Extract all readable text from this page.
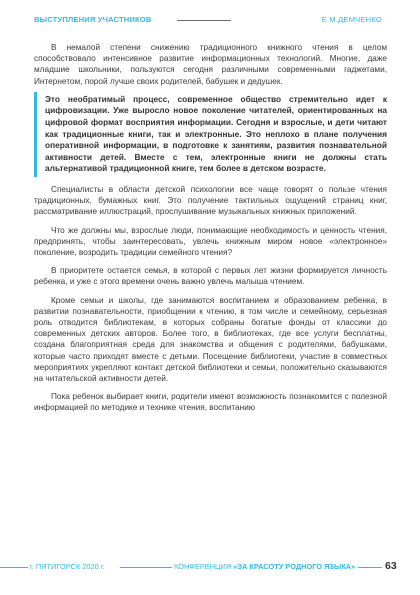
ВЫСТУПЛЕНИЯ УЧАСТНИКОВ	Е.М.ДЕМЧЕНКО

В немалой степени снижению традиционного книжного чтения в целом способствовало интенсивное развитие информационных технологий. Многие, даже младшие школьники, пользуются сегодня различными современными гаджетами, Интернетом, порой лучше своих родителей, бабушек и дедушек.

Это необратимый процесс, современное общество стремительно идет к цифровизации. Уже выросло новое поколение читателей, ориентированных на цифровой формат восприятия информации. Сегодня и взрослые, и дети читают как традиционные книги, так и электронные. Это неплохо в плане получения оперативной информации, в подготовке к занятиям, развития познавательной активности детей. Вместе с тем, электронные книги не должны стать альтернативой традиционной книге, тем более в детском возрасте.

Специалисты в области детской психологии все чаще говорят о пользе чтения традиционных, бумажных книг. Это получение тактильных ощущений страниц книг, рассматривание иллюстраций, прослушивание музыкальных книжных приложений.

Что же должны мы, взрослые люди, понимающие необходимость и ценность чтения, предпринять, чтобы заинтересовать, увлечь книжным миром новое «электронное» поколение, возродить традиции семейного чтения?

В приоритете остается семья, в которой с первых лет жизни формируется личность ребенка, и уже с этого времени очень важно увлечь малыша чтением.

Кроме семьи и школы, где занимаются воспитанием и образованием ребенка, в развитии познавательности, приобщении к чтению, в том числе и семейному, серьезная роль отводится библиотекам, в которых собраны богатые фонды от классики до современных детских авторов. Более того, в библиотеках, где все услуги бесплатны, создана благоприятная среда для знакомства и общения с родителями, бабушками, которые часто приходят вместе с детьми. Посещение библиотеки, участие в совместных мероприятиях укрепляют контакт детской библиотеки и семьи, положительно сказываются на читательской активности детей.

Пока ребенок выбирает книги, родители имеют возможность познакомится с полезной информацией по методике и технике чтения, воспитанию

г. ПЯТИГОРСК 2020 г.	КОНФЕРЕНЦИЯ «ЗА КРАСОТУ РОДНОГО ЯЗЫКА»	63
